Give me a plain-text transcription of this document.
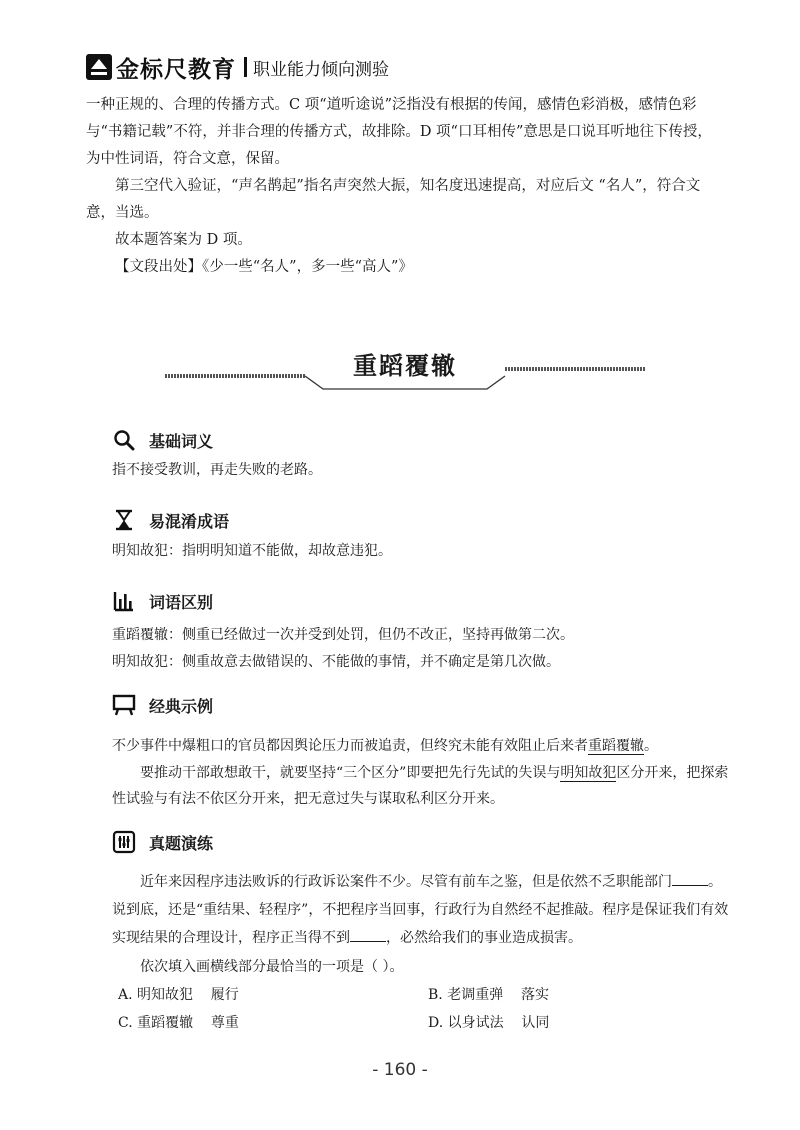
金标尺教育 职业能力倾向测验

一种正规的、合理的传播方式。C 项“道听途说”泛指没有根据的传闻，感情色彩消极，感情色彩与“书籍记载”不符，并非合理的传播方式，故排除。D 项“口耳相传”意思是口说耳听地往下传授，为中性词语，符合文意，保留。

第三空代入验证，“声名鹊起”指名声突然大振，知名度迅速提高，对应后文 “名人”，符合文意，当选。

故本题答案为 D 项。

【文段出处】《少一些“名人”，多一些“高人”》

重蹈覆辙
基础词义

指不接受教训，再走失败的老路。

易混淆成语

明知故犯：指明明知道不能做，却故意违犯。

词语区别

重蹈覆辙：侧重已经做过一次并受到处罚，但仍不改正，坚持再做第二次。

明知故犯：侧重故意去做错误的、不能做的事情，并不确定是第几次做。

经典示例

不少事件中爆粗口的官员都因舆论压力而被追责，但终究未能有效阻止后来者重蹈覆辙。

要推动干部敢想敢干，就要坚持“三个区分”即要把先行先试的失误与明知故犯区分开来，把探索性试验与有法不依区分开来，把无意过失与谋取私利区分开来。

真题演练

近年来因程序违法败诉的行政诉讼案件不少。尽管有前车之鉴，但是依然不乏职能部门	。说到底，还是“重结果、轻程序”，不把程序当回事，行政行为自然经不起推敲。程序是保证我们有效实现结果的合理设计，程序正当得不到	，必然给我们的事业造成损害。

依次填入画横线部分最恰当的一项是（ ）。

A. 明知故犯    履行	B. 老调重弹    落实
C. 重蹈覆辙    尊重	D. 以身试法    认同
- 160 -
